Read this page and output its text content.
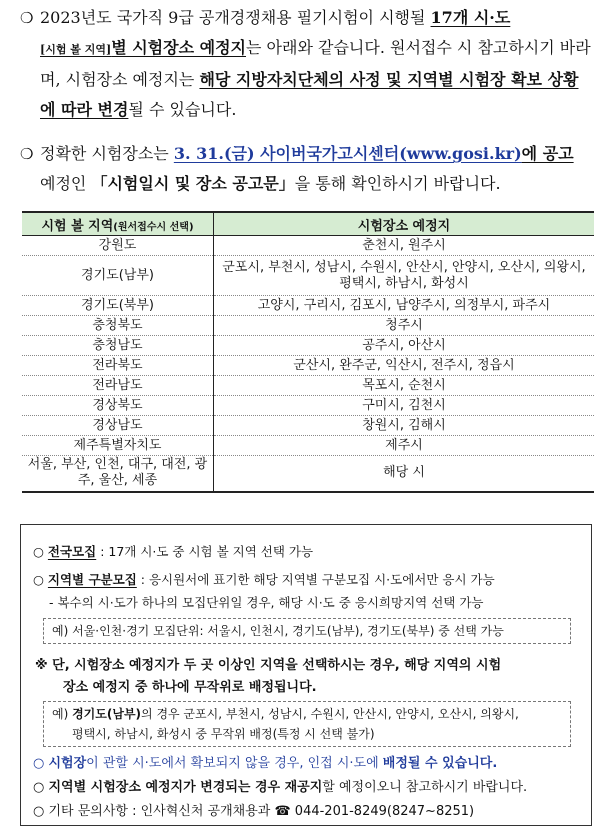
❍ 2023년도 국가직 9급 공개경쟁채용 필기시험이 시행될 17개 시·도
[시험 볼 지역]별 시험장소 예정지는 아래와 같습니다. 원서접수 시 참고하시기 바라며, 시험장소 예정지는 해당 지방자치단체의 사정 및 지역별 시험장 확보 상황에 따라 변경될 수 있습니다.
❍ 정확한 시험장소는 3. 31.(금) 사이버국가고시센터(www.gosi.kr)에 공고 예정인 「시험일시 및 장소 공고문」을 통해 확인하시기 바랍니다.
시험 볼 지역(원서접수시 선택)	시험장소 예정지
강원도	춘천시, 원주시
경기도(남부)	군포시, 부천시, 성남시, 수원시, 안산시, 안양시, 오산시, 의왕시, 평택시, 하남시, 화성시
경기도(북부)	고양시, 구리시, 김포시, 남양주시, 의정부시, 파주시
충청북도	청주시
충청남도	공주시, 아산시
전라북도	군산시, 완주군, 익산시, 전주시, 정읍시
전라남도	목포시, 순천시
경상북도	구미시, 김천시
경상남도	창원시, 김해시
제주특별자치도	제주시
서울, 부산, 인천, 대구, 대전, 광주, 울산, 세종	해당 시
○ 전국모집 : 17개 시·도 중 시험 볼 지역 선택 가능
○ 지역별 구분모집 : 응시원서에 표기한 해당 지역별 구분모집 시·도에서만 응시 가능
- 복수의 시·도가 하나의 모집단위일 경우, 해당 시·도 중 응시희망지역 선택 가능
예) 서울·인천·경기 모집단위: 서울시, 인천시, 경기도(남부), 경기도(북부) 중 선택 가능
※ 단, 시험장소 예정지가 두 곳 이상인 지역을 선택하시는 경우, 해당 지역의 시험
장소 예정지 중 하나에 무작위로 배정됩니다.
예) 경기도(남부)의 경우 군포시, 부천시, 성남시, 수원시, 안산시, 안양시, 오산시, 의왕시,
평택시, 하남시, 화성시 중 무작위 배정(특정 시 선택 불가)
○ 시험장이 관할 시·도에서 확보되지 않을 경우, 인접 시·도에 배정될 수 있습니다.
○ 지역별 시험장소 예정지가 변경되는 경우 재공지할 예정이오니 참고하시기 바랍니다.
○ 기타 문의사항 : 인사혁신처 공개채용과 ☎ 044-201-8249(8247~8251)
